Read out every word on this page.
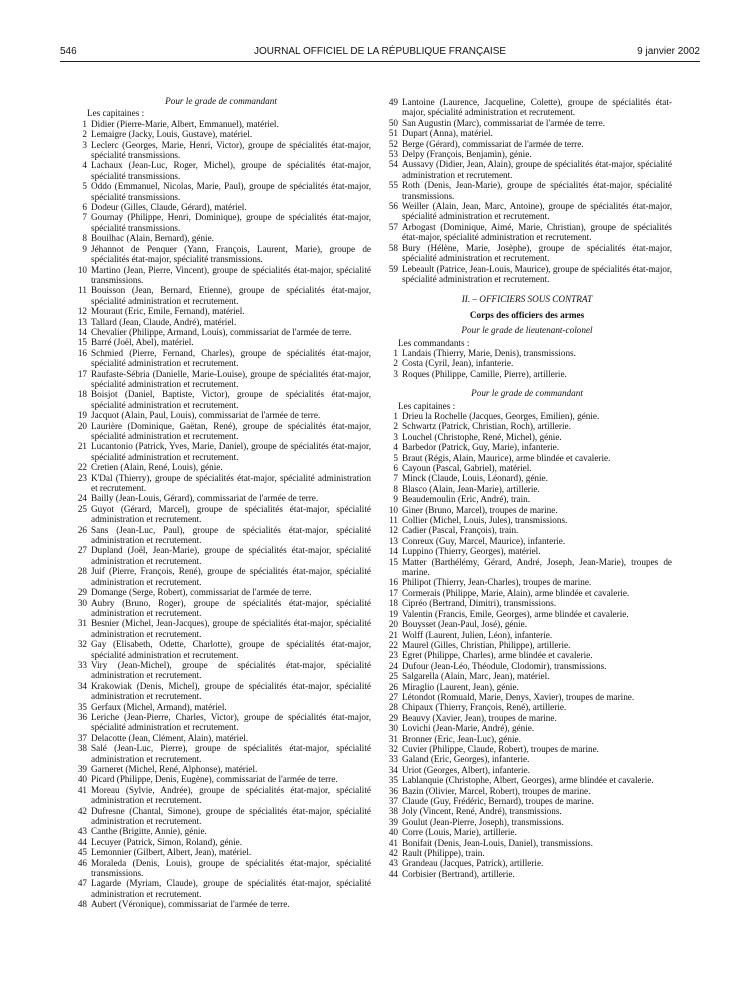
546	JOURNAL OFFICIEL DE LA RÉPUBLIQUE FRANÇAISE	9 janvier 2002

Pour le grade de commandant

Les capitaines :

1 Didier (Pierre-Marie, Albert, Emmanuel), matériel.
2 Lemaigre (Jacky, Louis, Gustave), matériel.
3 Leclerc (Georges, Marie, Henri, Victor), groupe de spécialités état-major, spécialité transmissions.
4 Lachaux (Jean-Luc, Roger, Michel), groupe de spécialités état-major, spécialité transmissions.
5 Oddo (Emmanuel, Nicolas, Marie, Paul), groupe de spécialités état-major, spécialité transmissions.
6 Dodeur (Gilles, Claude, Gérard), matériel.
7 Gournay (Philippe, Henri, Dominique), groupe de spécialités état-major, spécialité transmissions.
8 Bouilhac (Alain, Bernard), génie.
9 Jéhannot de Penquer (Yann, François, Laurent, Marie), groupe de spécialités état-major, spécialité transmissions.
10 Martino (Jean, Pierre, Vincent), groupe de spécialités état-major, spécialité transmissions.
11 Bouisson (Jean, Bernard, Etienne), groupe de spécialités état-major, spécialité administration et recrutement.
12 Mouraut (Eric, Emile, Fernand), matériel.
13 Tallard (Jean, Claude, André), matériel.
14 Chevalier (Philippe, Armand, Louis), commissariat de l'armée de terre.
15 Barré (Joël, Abel), matériel.
16 Schmied (Pierre, Fernand, Charles), groupe de spécialités état-major, spécialité administration et recrutement.
17 Raufaste-Sébria (Danielle, Marie-Louise), groupe de spécialités état-major, spécialité administration et recrutement.
18 Boisjot (Daniel, Baptiste, Victor), groupe de spécialités état-major, spécialité administration et recrutement.
19 Jacquot (Alain, Paul, Louis), commissariat de l'armée de terre.
20 Laurière (Dominique, Gaëtan, René), groupe de spécialités état-major, spécialité administration et recrutement.
21 Lucantonio (Patrick, Yves, Marie, Daniel), groupe de spécialités état-major, spécialité administration et recrutement.
22 Cretien (Alain, René, Louis), génie.
23 K'Dal (Thierry), groupe de spécialités état-major, spécialité administration et recrutement.
24 Bailly (Jean-Louis, Gérard), commissariat de l'armée de terre.
25 Guyot (Gérard, Marcel), groupe de spécialités état-major, spécialité administration et recrutement.
26 Sans (Jean-Luc, Paul), groupe de spécialités état-major, spécialité administration et recrutement.
27 Dupland (Joël, Jean-Marie), groupe de spécialités état-major, spécialité administration et recrutement.
28 Juif (Pierre, François, René), groupe de spécialités état-major, spécialité administration et recrutement.
29 Domange (Serge, Robert), commissariat de l'armée de terre.
30 Aubry (Bruno, Roger), groupe de spécialités état-major, spécialité administration et recrutement.
31 Besnier (Michel, Jean-Jacques), groupe de spécialités état-major, spécialité administration et recrutement.
32 Gay (Elisabeth, Odette, Charlotte), groupe de spécialités état-major, spécialité administration et recrutement.
33 Viry (Jean-Michel), groupe de spécialités état-major, spécialité administration et recrutement.
34 Krakowiak (Denis, Michel), groupe de spécialités état-major, spécialité administration et recrutement.
35 Gerfaux (Michel, Armand), matériel.
36 Leriche (Jean-Pierre, Charles, Victor), groupe de spécialités état-major, spécialité administration et recrutement.
37 Delacotte (Jean, Clément, Alain), matériel.
38 Salé (Jean-Luc, Pierre), groupe de spécialités état-major, spécialité administration et recrutement.
39 Garneret (Michel, René, Alphonse), matériel.
40 Picard (Philippe, Denis, Eugène), commissariat de l'armée de terre.
41 Moreau (Sylvie, Andrée), groupe de spécialités état-major, spécialité administration et recrutement.
42 Dufresne (Chantal, Simone), groupe de spécialités état-major, spécialité administration et recrutement.
43 Canthe (Brigitte, Annie), génie.
44 Lecuyer (Patrick, Simon, Roland), génie.
45 Lemonnier (Gilbert, Albert, Jean), matériel.
46 Moraleda (Denis, Louis), groupe de spécialités état-major, spécialité transmissions.
47 Lagarde (Myriam, Claude), groupe de spécialités état-major, spécialité administration et recrutement.
48 Aubert (Véronique), commissariat de l'armée de terre.
49 Lantoine (Laurence, Jacqueline, Colette), groupe de spécialités état-major, spécialité administration et recrutement.
50 San Augustin (Marc), commissariat de l'armée de terre.
51 Dupart (Anna), matériel.
52 Berge (Gérard), commissariat de l'armée de terre.
53 Delpy (François, Benjamin), génie.
54 Aussavy (Didier, Jean, Alain), groupe de spécialités état-major, spécialité administration et recrutement.
55 Roth (Denis, Jean-Marie), groupe de spécialités état-major, spécialité transmissions.
56 Weiller (Alain, Jean, Marc, Antoine), groupe de spécialités état-major, spécialité administration et recrutement.
57 Arbogast (Dominique, Aimé, Marie, Christian), groupe de spécialités état-major, spécialité administration et recrutement.
58 Bury (Hélène, Marie, Josèphe), groupe de spécialités état-major, spécialité administration et recrutement.
59 Lebeault (Patrice, Jean-Louis, Maurice), groupe de spécialités état-major, spécialité administration et recrutement.

II. – OFFICIERS SOUS CONTRAT

Corps des officiers des armes

Pour le grade de lieutenant-colonel

Les commandants :

1 Landais (Thierry, Marie, Denis), transmissions.
2 Costa (Cyril, Jean), infanterie.
3 Roques (Philippe, Camille, Pierre), artillerie.

Pour le grade de commandant

Les capitaines :

1 Drieu la Rochelle (Jacques, Georges, Emilien), génie.
2 Schwartz (Patrick, Christian, Roch), artillerie.
3 Louchel (Christophe, René, Michel), génie.
4 Barbedor (Patrick, Guy, Marie), infanterie.
5 Braut (Régis, Alain, Maurice), arme blindée et cavalerie.
6 Cayoun (Pascal, Gabriel), matériel.
7 Minck (Claude, Louis, Léonard), génie.
8 Blasco (Alain, Jean-Marie), artillerie.
9 Beaudemoulin (Eric, André), train.
10 Giner (Bruno, Marcel), troupes de marine.
11 Collier (Michel, Louis, Jules), transmissions.
12 Cadier (Pascal, François), train.
13 Conreux (Guy, Marcel, Maurice), infanterie.
14 Luppino (Thierry, Georges), matériel.
15 Matter (Barthélémy, Gérard, André, Joseph, Jean-Marie), troupes de marine.
16 Philipot (Thierry, Jean-Charles), troupes de marine.
17 Cormerais (Philippe, Marie, Alain), arme blindée et cavalerie.
18 Cipréo (Bertrand, Dimitri), transmissions.
19 Valentin (Francis, Emile, Georges), arme blindée et cavalerie.
20 Bouysset (Jean-Paul, José), génie.
21 Wolff (Laurent, Julien, Léon), infanterie.
22 Maurel (Gilles, Christian, Philippe), artillerie.
23 Egret (Philippe, Charles), arme blindée et cavalerie.
24 Dufour (Jean-Léo, Théodule, Clodomir), transmissions.
25 Salgarella (Alain, Marc, Jean), matériel.
26 Miraglio (Laurent, Jean), génie.
27 Létondot (Romuald, Marie, Denys, Xavier), troupes de marine.
28 Chipaux (Thierry, François, René), artillerie.
29 Beauvy (Xavier, Jean), troupes de marine.
30 Lovichi (Jean-Marie, André), génie.
31 Bronner (Eric, Jean-Luc), génie.
32 Cuvier (Philippe, Claude, Robert), troupes de marine.
33 Galand (Eric, Georges), infanterie.
34 Uriot (Georges, Albert), infanterie.
35 Lablanquie (Christophe, Albert, Georges), arme blindée et cavalerie.
36 Bazin (Olivier, Marcel, Robert), troupes de marine.
37 Claude (Guy, Frédéric, Bernard), troupes de marine.
38 Joly (Vincent, René, André), transmissions.
39 Goulut (Jean-Pierre, Joseph), transmissions.
40 Corre (Louis, Marie), artillerie.
41 Bonifait (Denis, Jean-Louis, Daniel), transmissions.
42 Rault (Philippe), train.
43 Grandeau (Jacques, Patrick), artillerie.
44 Corbisier (Bertrand), artillerie.
